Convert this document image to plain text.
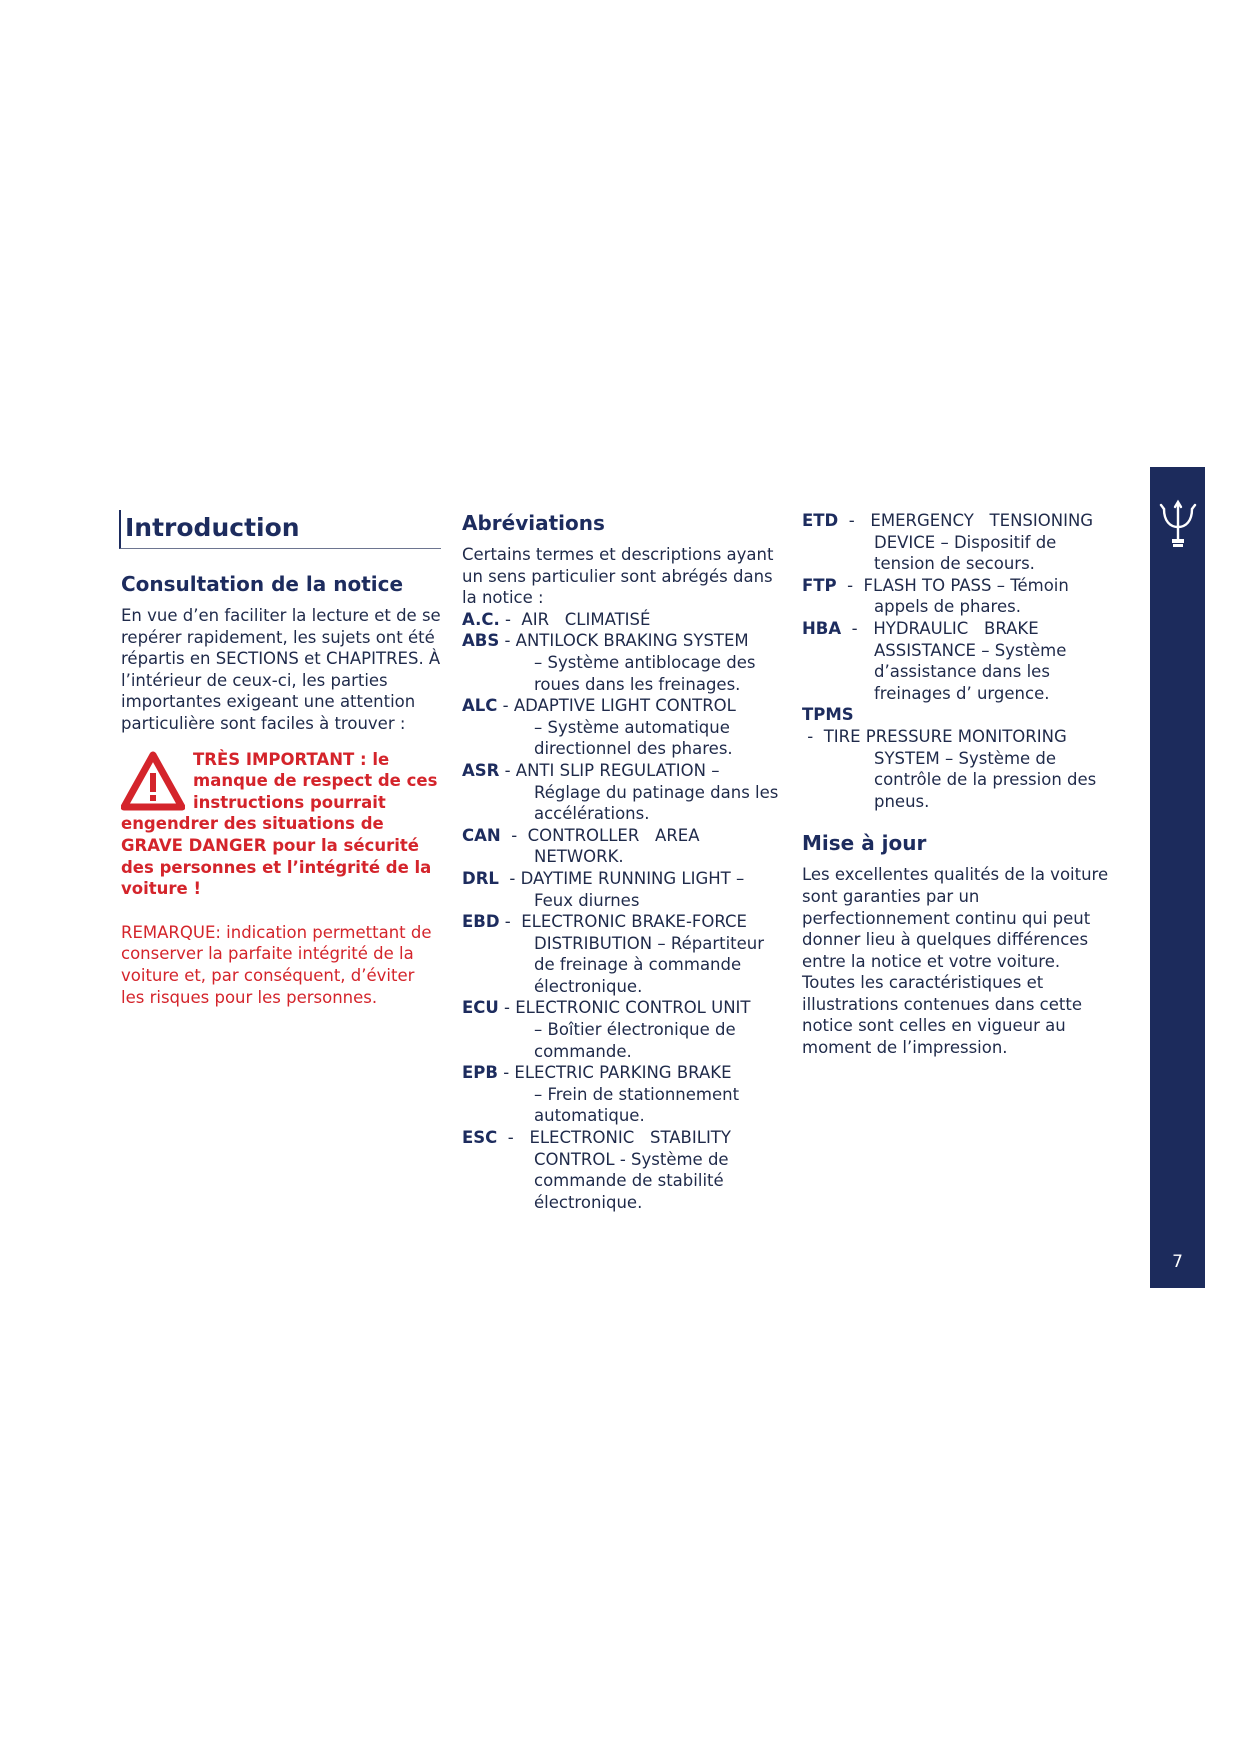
Introduction
Consultation de la notice

En vue d’en faciliter la lecture et de se repérer rapidement, les sujets ont été répartis en SECTIONS et CHAPITRES. À l’intérieur de ceux-ci, les parties importantes exigeant une attention particulière sont faciles à trouver :

TRÈS IMPORTANT : le
manque de respect de ces instructions pourrait engendrer des situations de GRAVE DANGER pour la sécurité des personnes et l’intégrité de la voiture !
REMARQUE: indication permettant de conserver la parfaite intégrité de la voiture et, par conséquent, d’éviter les risques pour les personnes.
Abréviations

Certains termes et descriptions ayant un sens particulier sont abrégés dans la notice :

A.C. -  AIR   CLIMATISÉ
ABS - ANTILOCK BRAKING SYSTEM
– Système antiblocage des roues dans les freinages.
ALC - ADAPTIVE LIGHT CONTROL
– Système automatique directionnel des phares.
ASR - ANTI SLIP REGULATION –
Réglage du patinage dans les accélérations.
CAN  -  CONTROLLER   AREA
NETWORK.
DRL  - DAYTIME RUNNING LIGHT –
Feux diurnes
EBD -  ELECTRONIC BRAKE-FORCE
DISTRIBUTION – Répartiteur de freinage à commande électronique.
ECU - ELECTRONIC CONTROL UNIT
– Boîtier électronique de commande.
EPB - ELECTRIC PARKING BRAKE
– Frein de stationnement automatique.
ESC  -   ELECTRONIC   STABILITY
CONTROL - Système de commande de stabilité électronique.
ETD  -   EMERGENCY   TENSIONING
DEVICE – Dispositif de tension de secours.
FTP  -  FLASH TO PASS – Témoin
appels de phares.
HBA  -   HYDRAULIC   BRAKE
ASSISTANCE – Système d’assistance dans les freinages d’ urgence.
TPMS -  TIRE PRESSURE MONITORING
SYSTEM – Système de contrôle de la pression des pneus.
Mise à jour

Les excellentes qualités de la voiture sont garanties par un perfectionnement continu qui peut donner lieu à quelques différences entre la notice et votre voiture. Toutes les caractéristiques et illustrations contenues dans cette notice sont celles en vigueur au moment de l’impression.

7
